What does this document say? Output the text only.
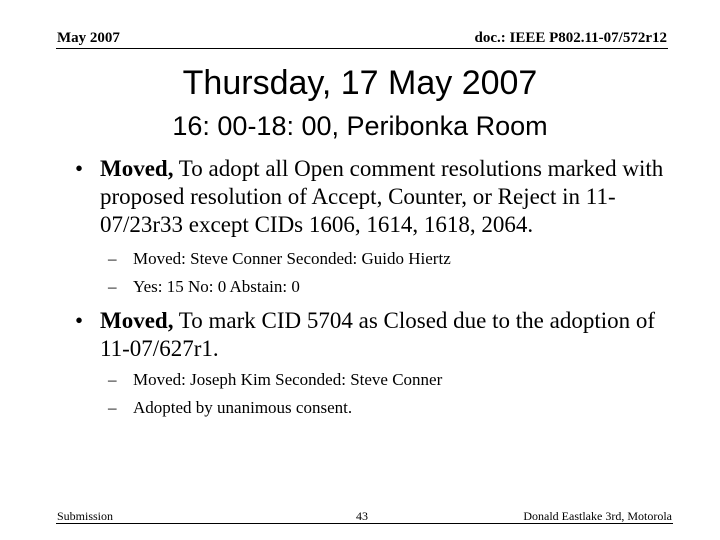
May 2007	doc.: IEEE P802.11-07/572r12
Thursday, 17 May 2007
16: 00-18: 00, Peribonka Room
• Moved, To adopt all Open comment resolutions marked with proposed resolution of Accept, Counter, or Reject in 11-07/23r33 except CIDs 1606, 1614, 1618, 2064.
– Moved: Steve Conner Seconded: Guido Hiertz
– Yes: 15 No: 0 Abstain: 0
• Moved, To mark CID 5704 as Closed due to the adoption of 11-07/627r1.
– Moved: Joseph Kim Seconded: Steve Conner
– Adopted by unanimous consent.
Submission	43	Donald Eastlake 3rd, Motorola
